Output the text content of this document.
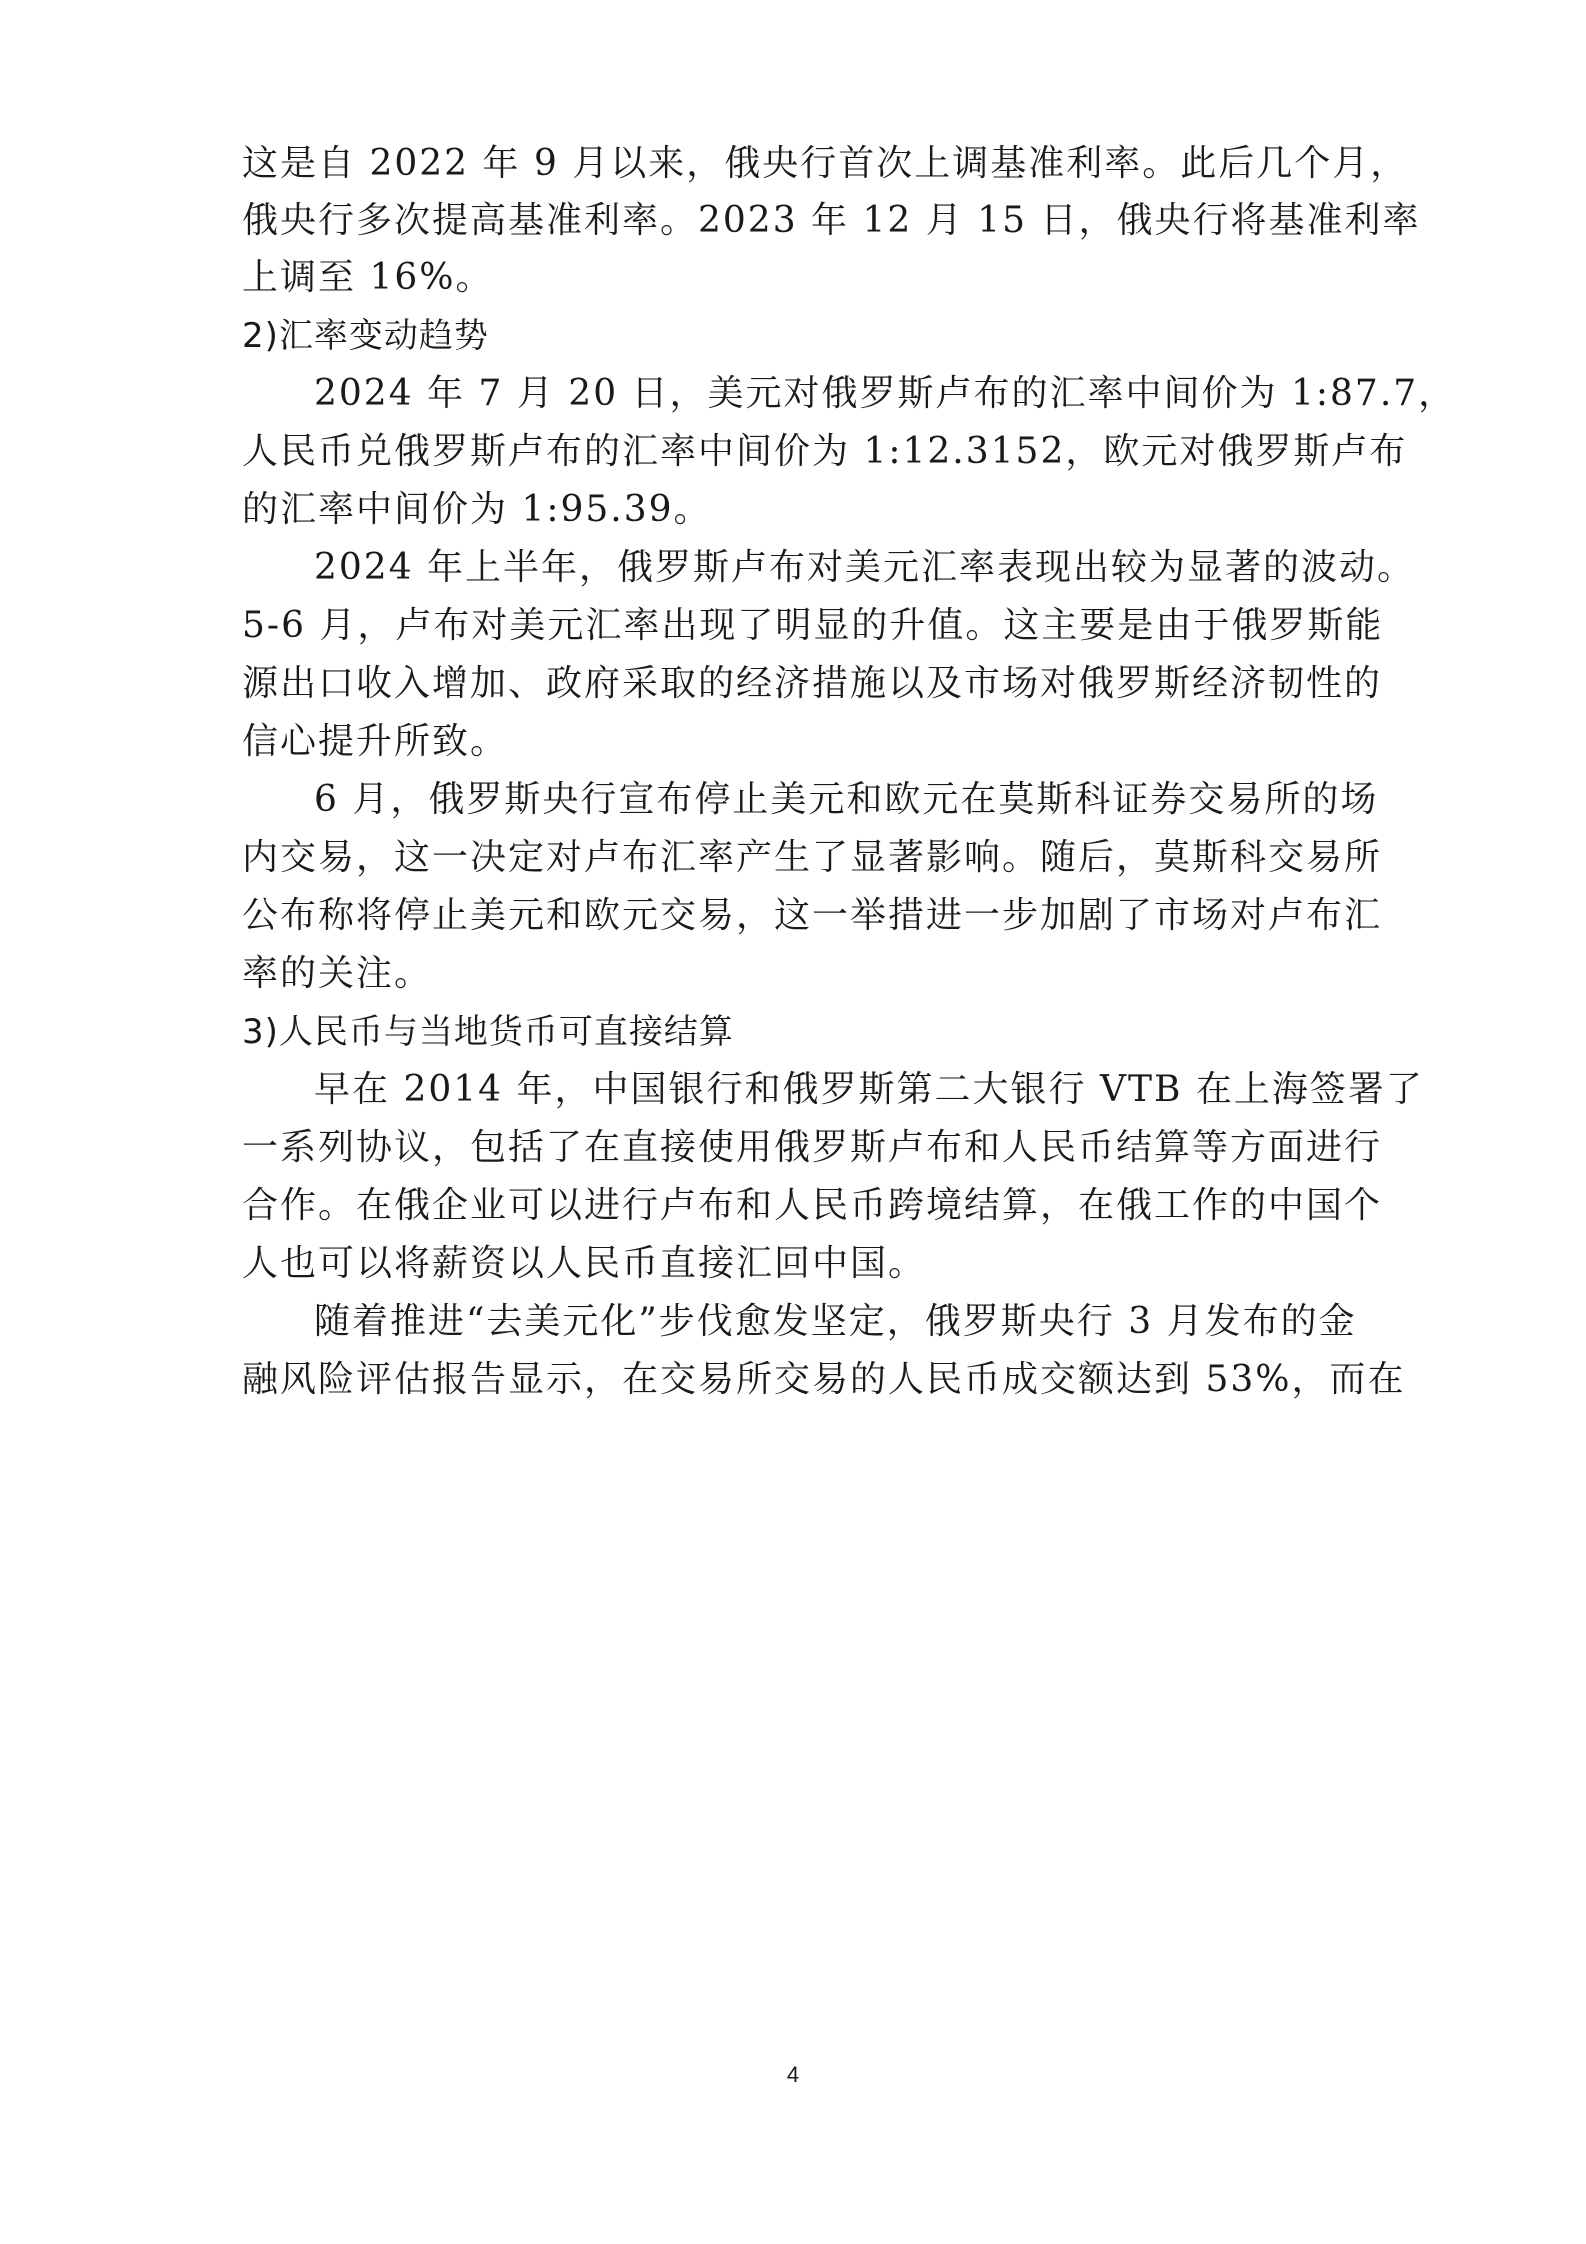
这是自 2022 年 9 月以来，俄央行首次上调基准利率。此后几个月，
俄央行多次提高基准利率。2023 年 12 月 15 日，俄央行将基准利率
上调至 16%。
2)汇率变动趋势
2024 年 7 月 20 日，美元对俄罗斯卢布的汇率中间价为 1:87.7，
人民币兑俄罗斯卢布的汇率中间价为 1:12.3152，欧元对俄罗斯卢布
的汇率中间价为 1:95.39。
2024 年上半年，俄罗斯卢布对美元汇率表现出较为显著的波动。
5-6 月，卢布对美元汇率出现了明显的升值。这主要是由于俄罗斯能
源出口收入增加、政府采取的经济措施以及市场对俄罗斯经济韧性的
信心提升所致。
6 月，俄罗斯央行宣布停止美元和欧元在莫斯科证券交易所的场
内交易，这一决定对卢布汇率产生了显著影响。随后，莫斯科交易所
公布称将停止美元和欧元交易，这一举措进一步加剧了市场对卢布汇
率的关注。
3)人民币与当地货币可直接结算
早在 2014 年，中国银行和俄罗斯第二大银行 VTB 在上海签署了
一系列协议，包括了在直接使用俄罗斯卢布和人民币结算等方面进行
合作。在俄企业可以进行卢布和人民币跨境结算，在俄工作的中国个
人也可以将薪资以人民币直接汇回中国。
随着推进“去美元化”步伐愈发坚定，俄罗斯央行 3 月发布的金
融风险评估报告显示，在交易所交易的人民币成交额达到 53%，而在
4
